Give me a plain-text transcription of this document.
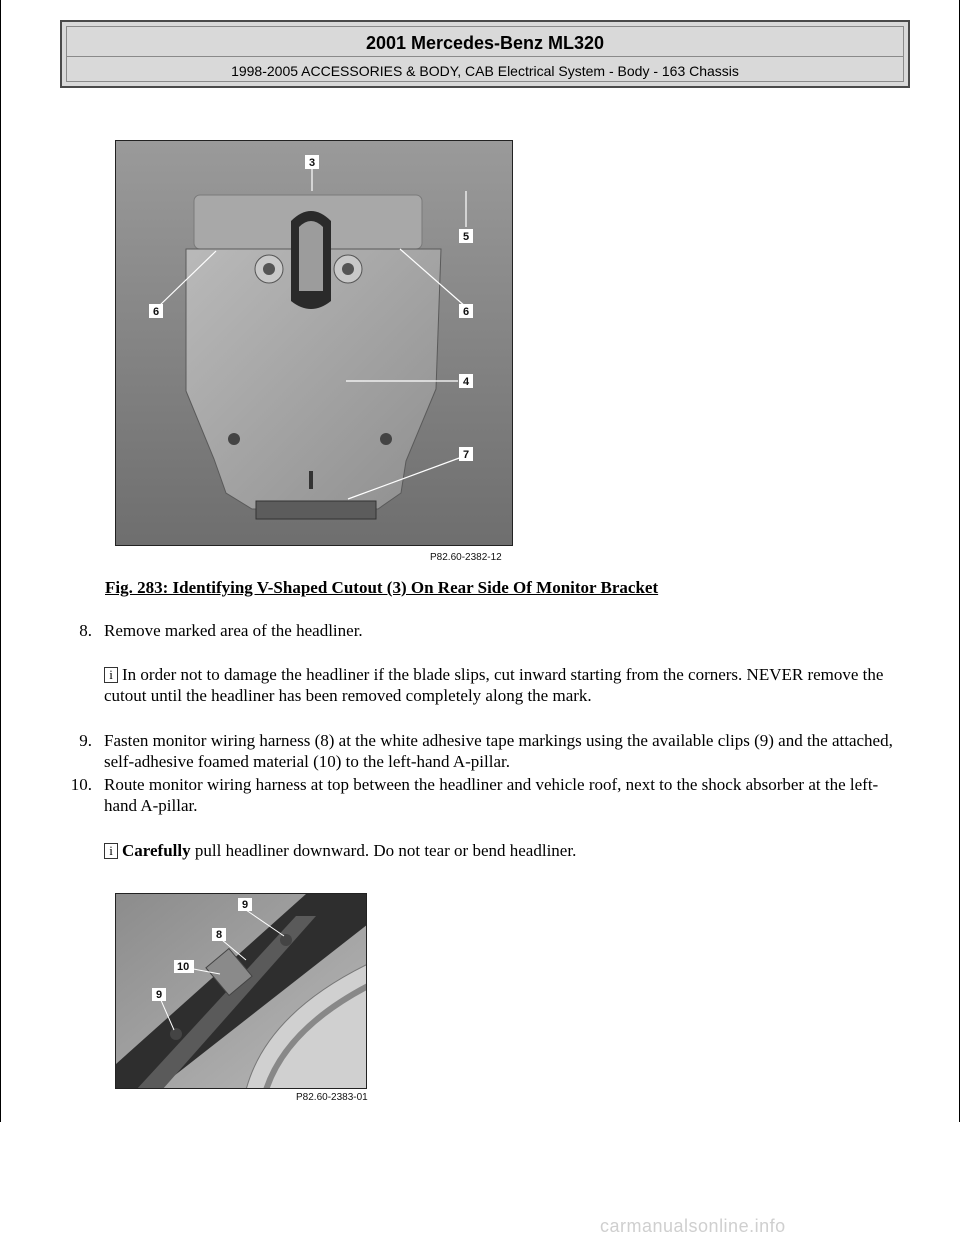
2001 Mercedes-Benz ML320
1998-2005 ACCESSORIES & BODY, CAB Electrical System - Body - 163 Chassis
3
5
6	6
4
7
P82.60-2382-12
Fig. 283: Identifying V-Shaped Cutout (3) On Rear Side Of Monitor Bracket
8. Remove marked area of the headliner.
i In order not to damage the headliner if the blade slips, cut inward starting from the corners. NEVER remove the cutout until the headliner has been removed completely along the mark.
9. Fasten monitor wiring harness (8) at the white adhesive tape markings using the available clips (9) and the attached, self-adhesive foamed material (10) to the left-hand A-pillar.
10. Route monitor wiring harness at top between the headliner and vehicle roof, next to the shock absorber at the left-hand A-pillar.
i Carefully pull headliner downward. Do not tear or bend headliner.
9
8
10
9
P82.60-2383-01
carmanualsonline.info
